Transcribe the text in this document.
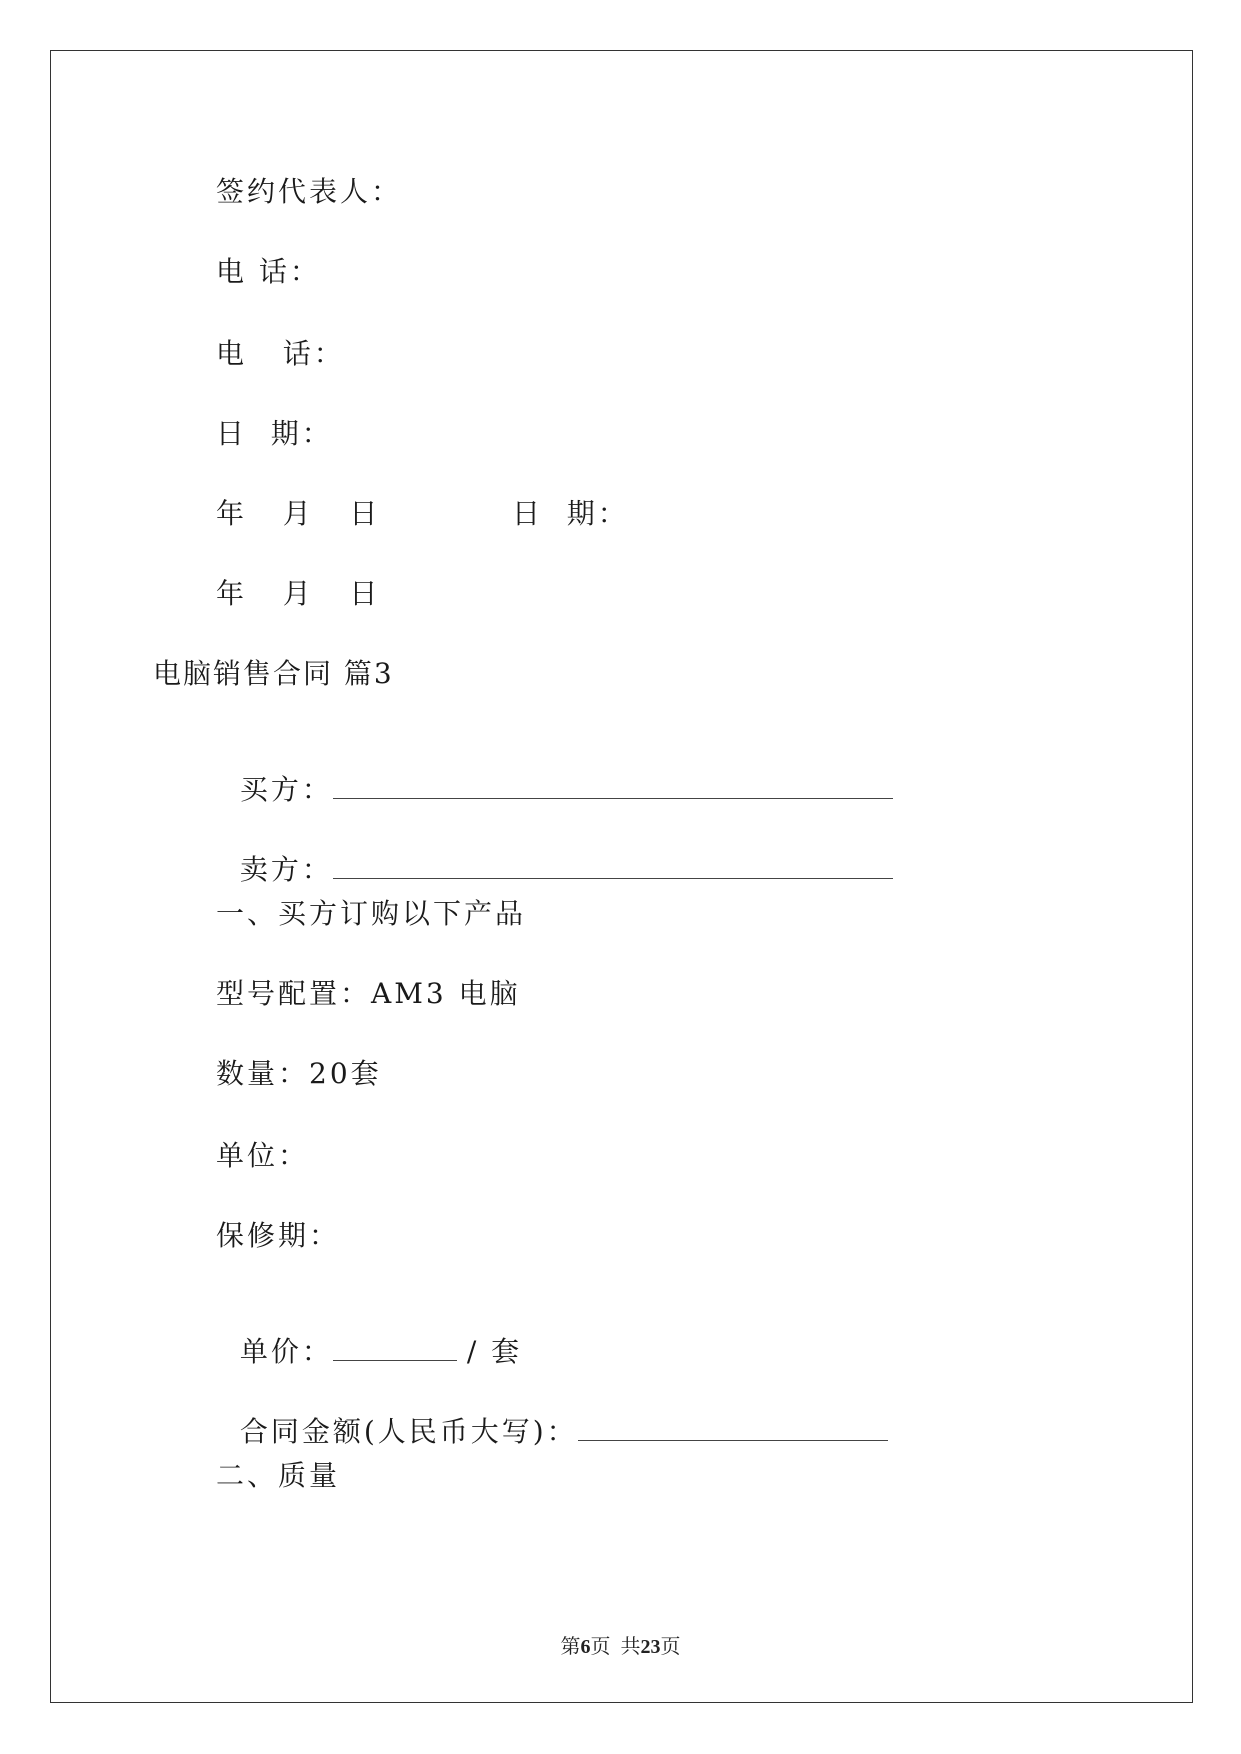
签约代表人：
电 话：
电   话：
日  期：
年   月   日	日  期：
年   月   日
电脑销售合同 篇3

买方：

卖方：

一、买方订购以下产品
型号配置：AM3 电脑
数量：20套
单位：
保修期：

单价：	/ 套

合同金额(人民币大写)：

二、质量
第6页  共23页
